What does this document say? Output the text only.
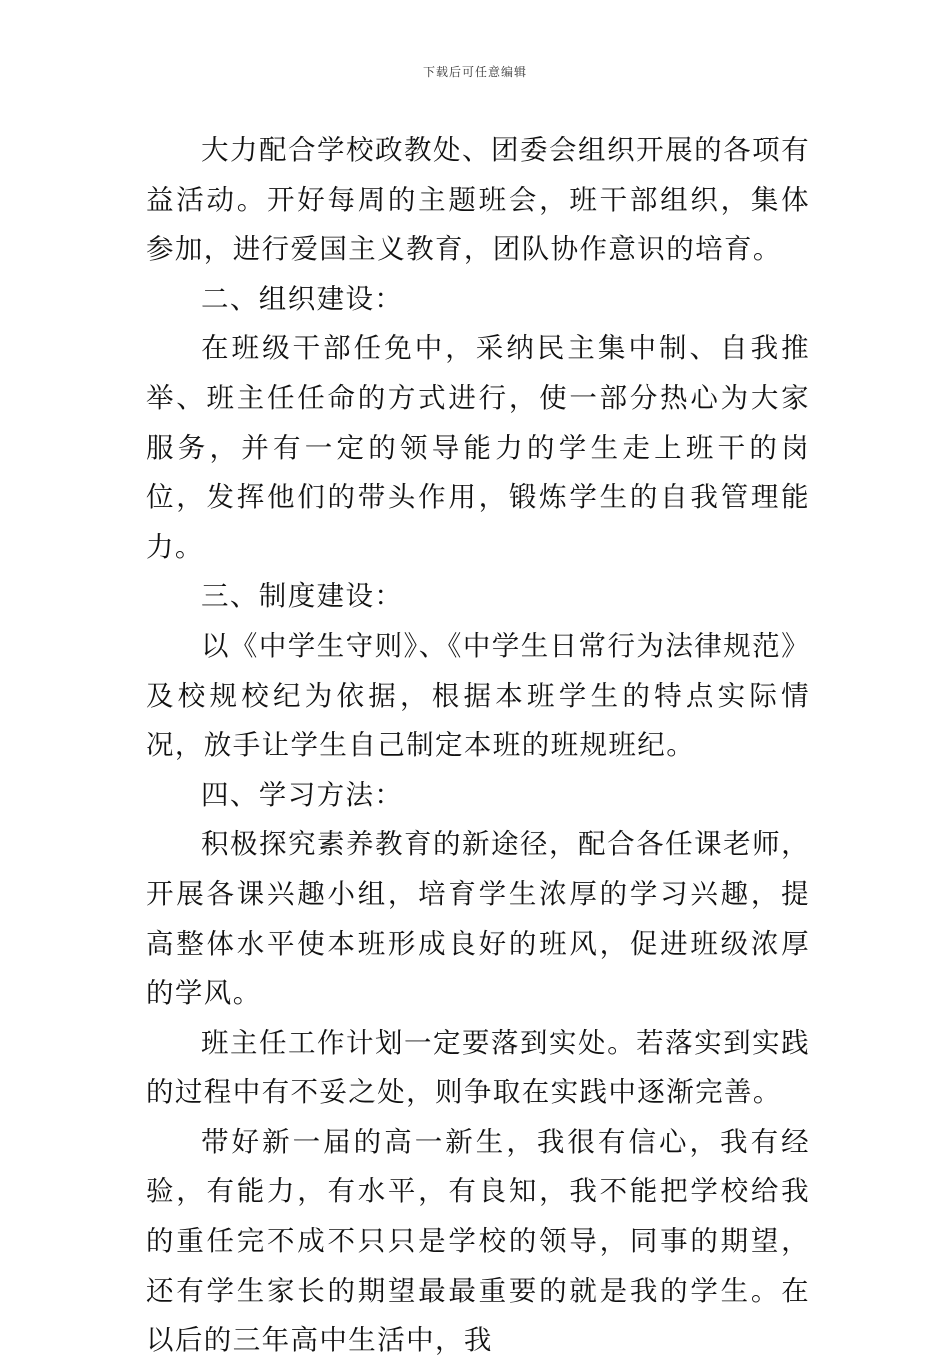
下载后可任意编辑

大力配合学校政教处、团委会组织开展的各项有益活动。开好每周的主题班会，班干部组织，集体参加，进行爱国主义教育，团队协作意识的培育。

二、组织建设：

在班级干部任免中，采纳民主集中制、自我推举、班主任任命的方式进行，使一部分热心为大家服务，并有一定的领导能力的学生走上班干的岗位，发挥他们的带头作用，锻炼学生的自我管理能力。

三、制度建设：

以《中学生守则》、《中学生日常行为法律规范》及校规校纪为依据，根据本班学生的特点实际情况，放手让学生自己制定本班的班规班纪。

四、学习方法：

积极探究素养教育的新途径，配合各任课老师，开展各课兴趣小组，培育学生浓厚的学习兴趣，提高整体水平使本班形成良好的班风，促进班级浓厚的学风。

班主任工作计划一定要落到实处。若落实到实践的过程中有不妥之处，则争取在实践中逐渐完善。

带好新一届的高一新生，我很有信心，我有经验，有能力，有水平，有良知，我不能把学校给我的重任完不成不只只是学校的领导，同事的期望，还有学生家长的期望最最重要的就是我的学生。在以后的三年高中生活中，我
